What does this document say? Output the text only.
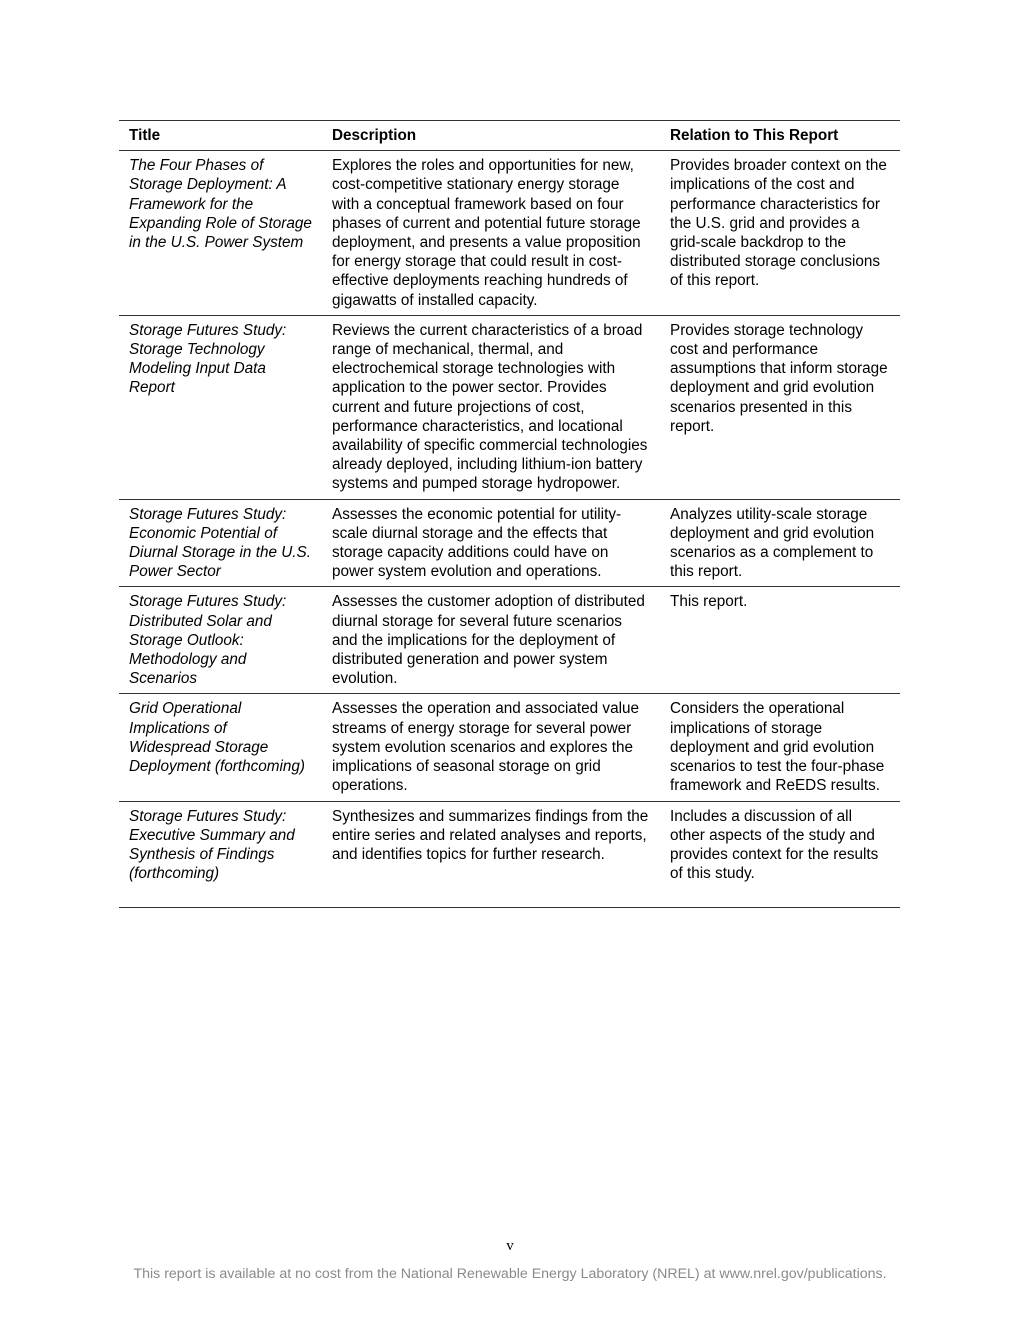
Title	Description	Relation to This Report
The Four Phases of Storage Deployment: A Framework for the Expanding Role of Storage in the U.S. Power System	Explores the roles and opportunities for new, cost-competitive stationary energy storage with a conceptual framework based on four phases of current and potential future storage deployment, and presents a value proposition for energy storage that could result in cost-effective deployments reaching hundreds of gigawatts of installed capacity.	Provides broader context on the implications of the cost and performance characteristics for the U.S. grid and provides a grid-scale backdrop to the distributed storage conclusions of this report.
Storage Futures Study: Storage Technology Modeling Input Data Report	Reviews the current characteristics of a broad range of mechanical, thermal, and electrochemical storage technologies with application to the power sector. Provides current and future projections of cost, performance characteristics, and locational availability of specific commercial technologies already deployed, including lithium-ion battery systems and pumped storage hydropower.	Provides storage technology cost and performance assumptions that inform storage deployment and grid evolution scenarios presented in this report.
Storage Futures Study: Economic Potential of Diurnal Storage in the U.S. Power Sector	Assesses the economic potential for utility-scale diurnal storage and the effects that storage capacity additions could have on power system evolution and operations.	Analyzes utility-scale storage deployment and grid evolution scenarios as a complement to this report.
Storage Futures Study: Distributed Solar and Storage Outlook: Methodology and Scenarios	Assesses the customer adoption of distributed diurnal storage for several future scenarios and the implications for the deployment of distributed generation and power system evolution.	This report.
Grid Operational Implications of Widespread Storage Deployment (forthcoming)	Assesses the operation and associated value streams of energy storage for several power system evolution scenarios and explores the implications of seasonal storage on grid operations.	Considers the operational implications of storage deployment and grid evolution scenarios to test the four-phase framework and ReEDS results.
Storage Futures Study: Executive Summary and Synthesis of Findings (forthcoming)	Synthesizes and summarizes findings from the entire series and related analyses and reports, and identifies topics for further research.	Includes a discussion of all other aspects of the study and provides context for the results of this study.
v
This report is available at no cost from the National Renewable Energy Laboratory (NREL) at www.nrel.gov/publications.
